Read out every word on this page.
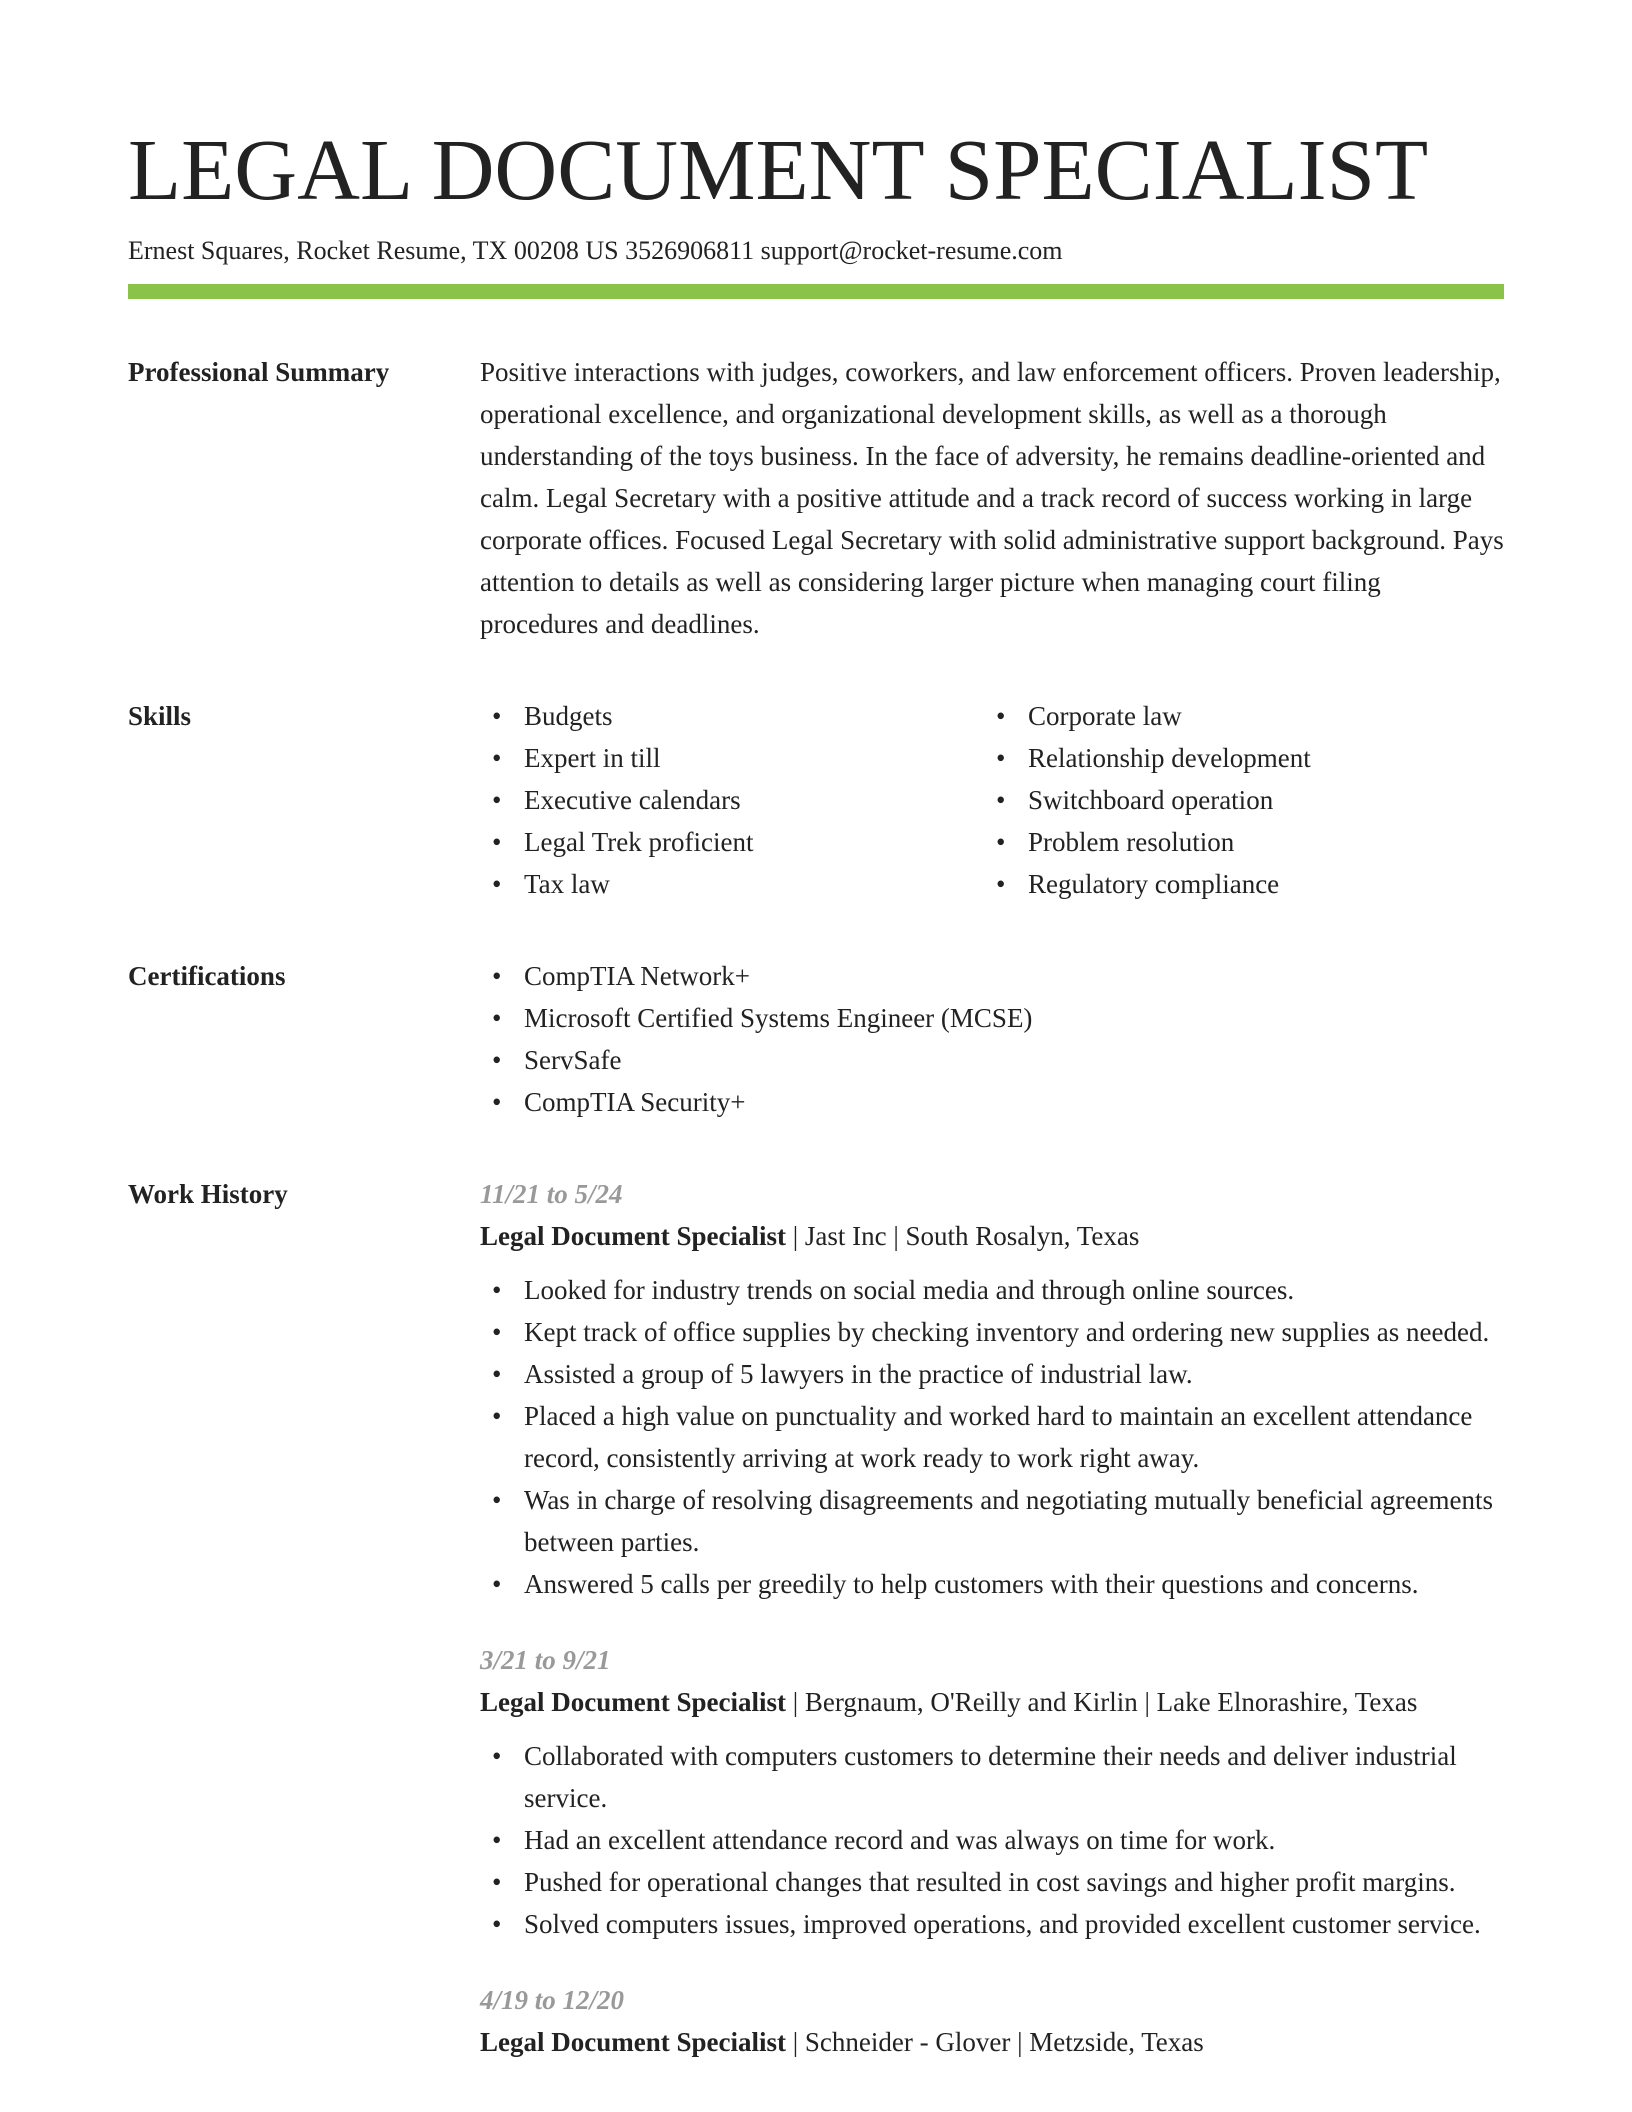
LEGAL DOCUMENT SPECIALIST
Ernest Squares, Rocket Resume, TX 00208 US 3526906811 support@rocket-resume.com
Professional Summary	Positive interactions with judges, coworkers, and law enforcement officers. Proven leadership, operational excellence, and organizational development skills, as well as a thorough understanding of the toys business. In the face of adversity, he remains deadline-oriented and calm. Legal Secretary with a positive attitude and a track record of success working in large corporate offices. Focused Legal Secretary with solid administrative support background. Pays attention to details as well as considering larger picture when managing court filing procedures and deadlines.

Skills	• Budgets
• Expert in till
• Executive calendars
• Legal Trek proficient
• Tax law
• Corporate law
• Relationship development
• Switchboard operation
• Problem resolution
• Regulatory compliance
Certifications	• CompTIA Network+
• Microsoft Certified Systems Engineer (MCSE)
• ServSafe
• CompTIA Security+
Work History	11/21 to 5/24
Legal Document Specialist | Jast Inc | South Rosalyn, Texas
• Looked for industry trends on social media and through online sources.
• Kept track of office supplies by checking inventory and ordering new supplies as needed.
• Assisted a group of 5 lawyers in the practice of industrial law.
• Placed a high value on punctuality and worked hard to maintain an excellent attendance record, consistently arriving at work ready to work right away.
• Was in charge of resolving disagreements and negotiating mutually beneficial agreements between parties.
• Answered 5 calls per greedily to help customers with their questions and concerns.
3/21 to 9/21
Legal Document Specialist | Bergnaum, O'Reilly and Kirlin | Lake Elnorashire, Texas
• Collaborated with computers customers to determine their needs and deliver industrial service.
• Had an excellent attendance record and was always on time for work.
• Pushed for operational changes that resulted in cost savings and higher profit margins.
• Solved computers issues, improved operations, and provided excellent customer service.
4/19 to 12/20
Legal Document Specialist | Schneider - Glover | Metzside, Texas
